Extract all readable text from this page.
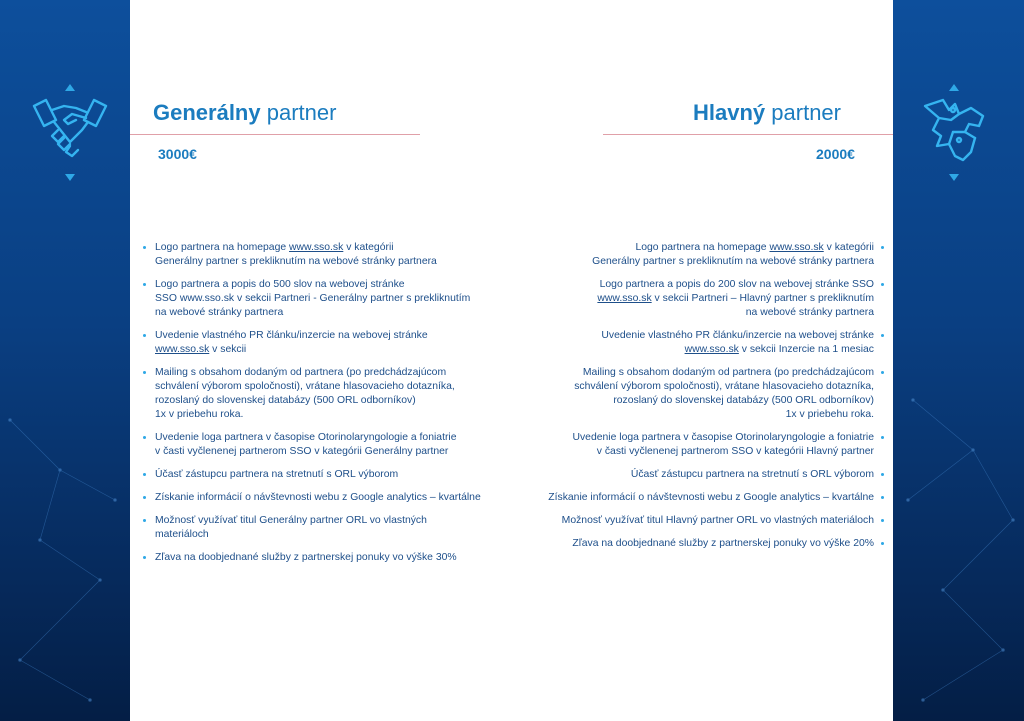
Generálny partner
3000€
Logo partnera na homepage www.sso.sk v kategórii
Generálny partner s prekliknutím na webové stránky partnera
Logo partnera a popis do 500 slov na webovej stránke
SSO www.sso.sk v sekcii Partneri - Generálny partner s prekliknutím
na webové stránky partnera
Uvedenie vlastného PR článku/inzercie na webovej stránke
www.sso.sk v sekcii
Mailing s obsahom dodaným od partnera (po predchádzajúcom
schválení výborom spoločnosti), vrátane hlasovacieho dotazníka,
rozoslaný do slovenskej databázy (500 ORL odborníkov)
1x v priebehu roka.
Uvedenie loga partnera v časopise Otorinolaryngologie a foniatrie
v časti vyčlenenej partnerom SSO v kategórii Generálny partner
Účasť zástupcu partnera na stretnutí s ORL výborom
Získanie informácií o návštevnosti webu z Google analytics – kvartálne
Možnosť využívať titul Generálny partner ORL vo vlastných
materiáloch
Zľava na doobjednané služby z partnerskej ponuky vo výške 30%
Hlavný partner
2000€
Logo partnera na homepage www.sso.sk v kategórii
Generálny partner s prekliknutím na webové stránky partnera
Logo partnera a popis do 200 slov na webovej stránke SSO
www.sso.sk v sekcii Partneri – Hlavný partner s prekliknutím
na webové stránky partnera
Uvedenie vlastného PR článku/inzercie na webovej stránke
www.sso.sk v sekcii Inzercie na 1 mesiac
Mailing s obsahom dodaným od partnera (po predchádzajúcom
schválení výborom spoločnosti), vrátane hlasovacieho dotazníka,
rozoslaný do slovenskej databázy (500 ORL odborníkov)
1x v priebehu roka.
Uvedenie loga partnera v časopise Otorinolaryngologie a foniatrie
v časti vyčlenenej partnerom SSO v kategórii Hlavný partner
Účasť zástupcu partnera na stretnutí s ORL výborom
Získanie informácií o návštevnosti webu z Google analytics – kvartálne
Možnosť využívať titul Hlavný partner ORL vo vlastných materiáloch
Zľava na doobjednané služby z partnerskej ponuky vo výške 20%
